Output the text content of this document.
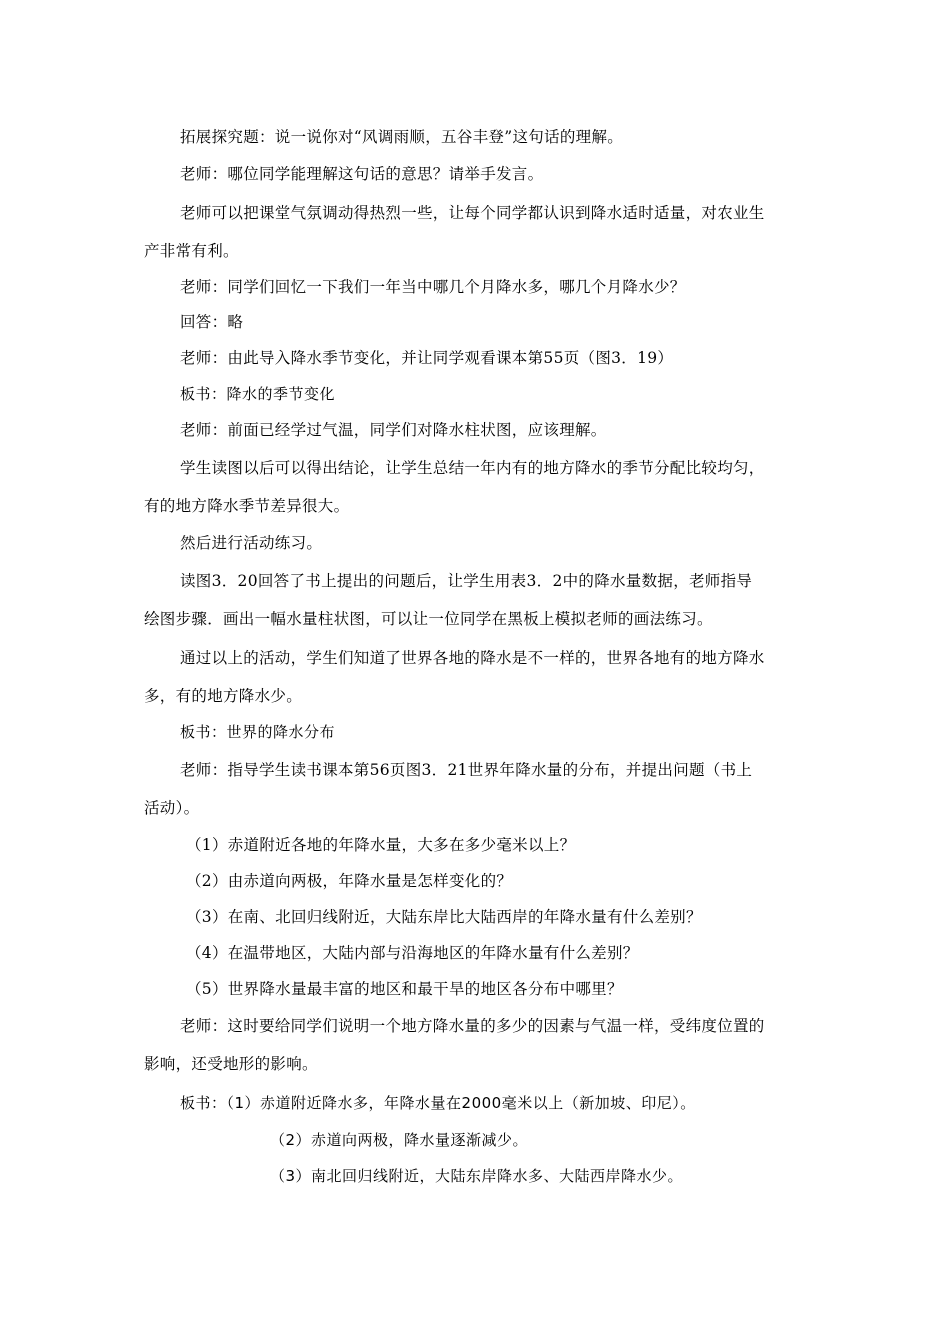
拓展探究题：说一说你对“风调雨顺，五谷丰登”这句话的理解。
老师：哪位同学能理解这句话的意思？请举手发言。
老师可以把课堂气氛调动得热烈一些，让每个同学都认识到降水适时适量，对农业生
产非常有利。
老师：同学们回忆一下我们一年当中哪几个月降水多，哪几个月降水少？
回答：略
老师：由此导入降水季节变化，并让同学观看课本第55页（图3．19）
板书：降水的季节变化
老师：前面已经学过气温，同学们对降水柱状图，应该理解。
学生读图以后可以得出结论，让学生总结一年内有的地方降水的季节分配比较均匀，
有的地方降水季节差异很大。
然后进行活动练习。
读图3．20回答了书上提出的问题后，让学生用表3．2中的降水量数据，老师指导
绘图步骤．画出一幅水量柱状图，可以让一位同学在黑板上模拟老师的画法练习。
通过以上的活动，学生们知道了世界各地的降水是不一样的，世界各地有的地方降水
多，有的地方降水少。
板书：世界的降水分布
老师：指导学生读书课本第56页图3．21世界年降水量的分布，并提出问题（书上
活动）。
（1）赤道附近各地的年降水量，大多在多少毫米以上？
（2）由赤道向两极，年降水量是怎样变化的？
（3）在南、北回归线附近，大陆东岸比大陆西岸的年降水量有什么差别？
（4）在温带地区，大陆内部与沿海地区的年降水量有什么差别？
（5）世界降水量最丰富的地区和最干旱的地区各分布中哪里？
老师：这时要给同学们说明一个地方降水量的多少的因素与气温一样，受纬度位置的
影响，还受地形的影响。
板书：（1）赤道附近降水多，年降水量在2000毫米以上（新加坡、印尼）。
（2）赤道向两极，降水量逐渐减少。
（3）南北回归线附近，大陆东岸降水多、大陆西岸降水少。
